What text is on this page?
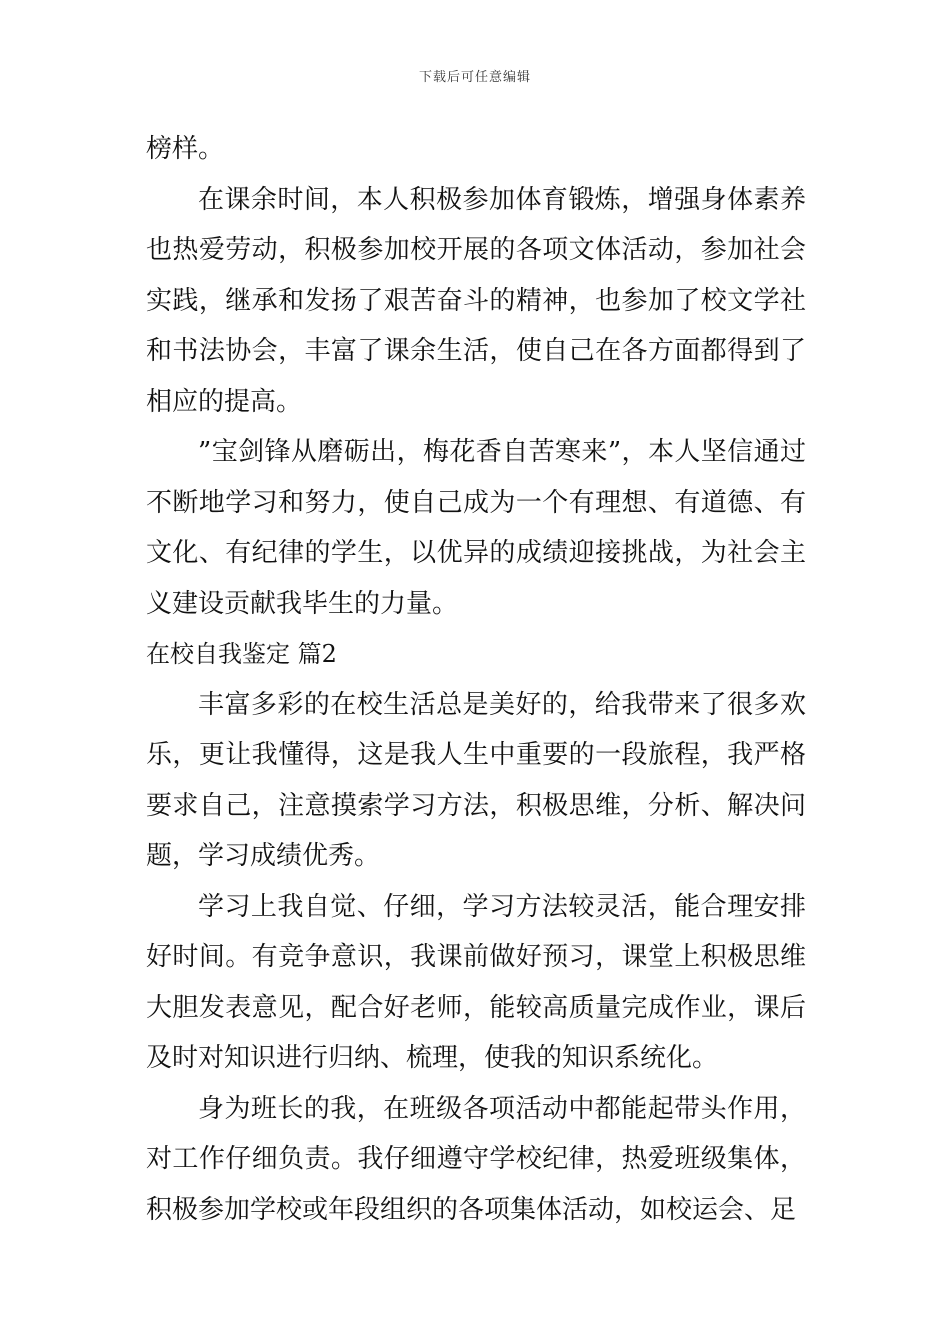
下载后可任意编辑

榜样。

在课余时间，本人积极参加体育锻炼，增强身体素养也热爱劳动，积极参加校开展的各项文体活动，参加社会实践，继承和发扬了艰苦奋斗的精神，也参加了校文学社和书法协会，丰富了课余生活，使自己在各方面都得到了相应的提高。

”宝剑锋从磨砺出，梅花香自苦寒来”，本人坚信通过不断地学习和努力，使自己成为一个有理想、有道德、有文化、有纪律的学生，以优异的成绩迎接挑战，为社会主义建设贡献我毕生的力量。

在校自我鉴定 篇2

丰富多彩的在校生活总是美好的，给我带来了很多欢乐，更让我懂得，这是我人生中重要的一段旅程，我严格要求自己，注意摸索学习方法，积极思维，分析、解决问题，学习成绩优秀。

学习上我自觉、仔细，学习方法较灵活，能合理安排好时间。有竞争意识，我课前做好预习，课堂上积极思维大胆发表意见，配合好老师，能较高质量完成作业，课后及时对知识进行归纳、梳理，使我的知识系统化。

身为班长的我，在班级各项活动中都能起带头作用，对工作仔细负责。我仔细遵守学校纪律，热爱班级集体，积极参加学校或年段组织的各项集体活动，如校运会、足
